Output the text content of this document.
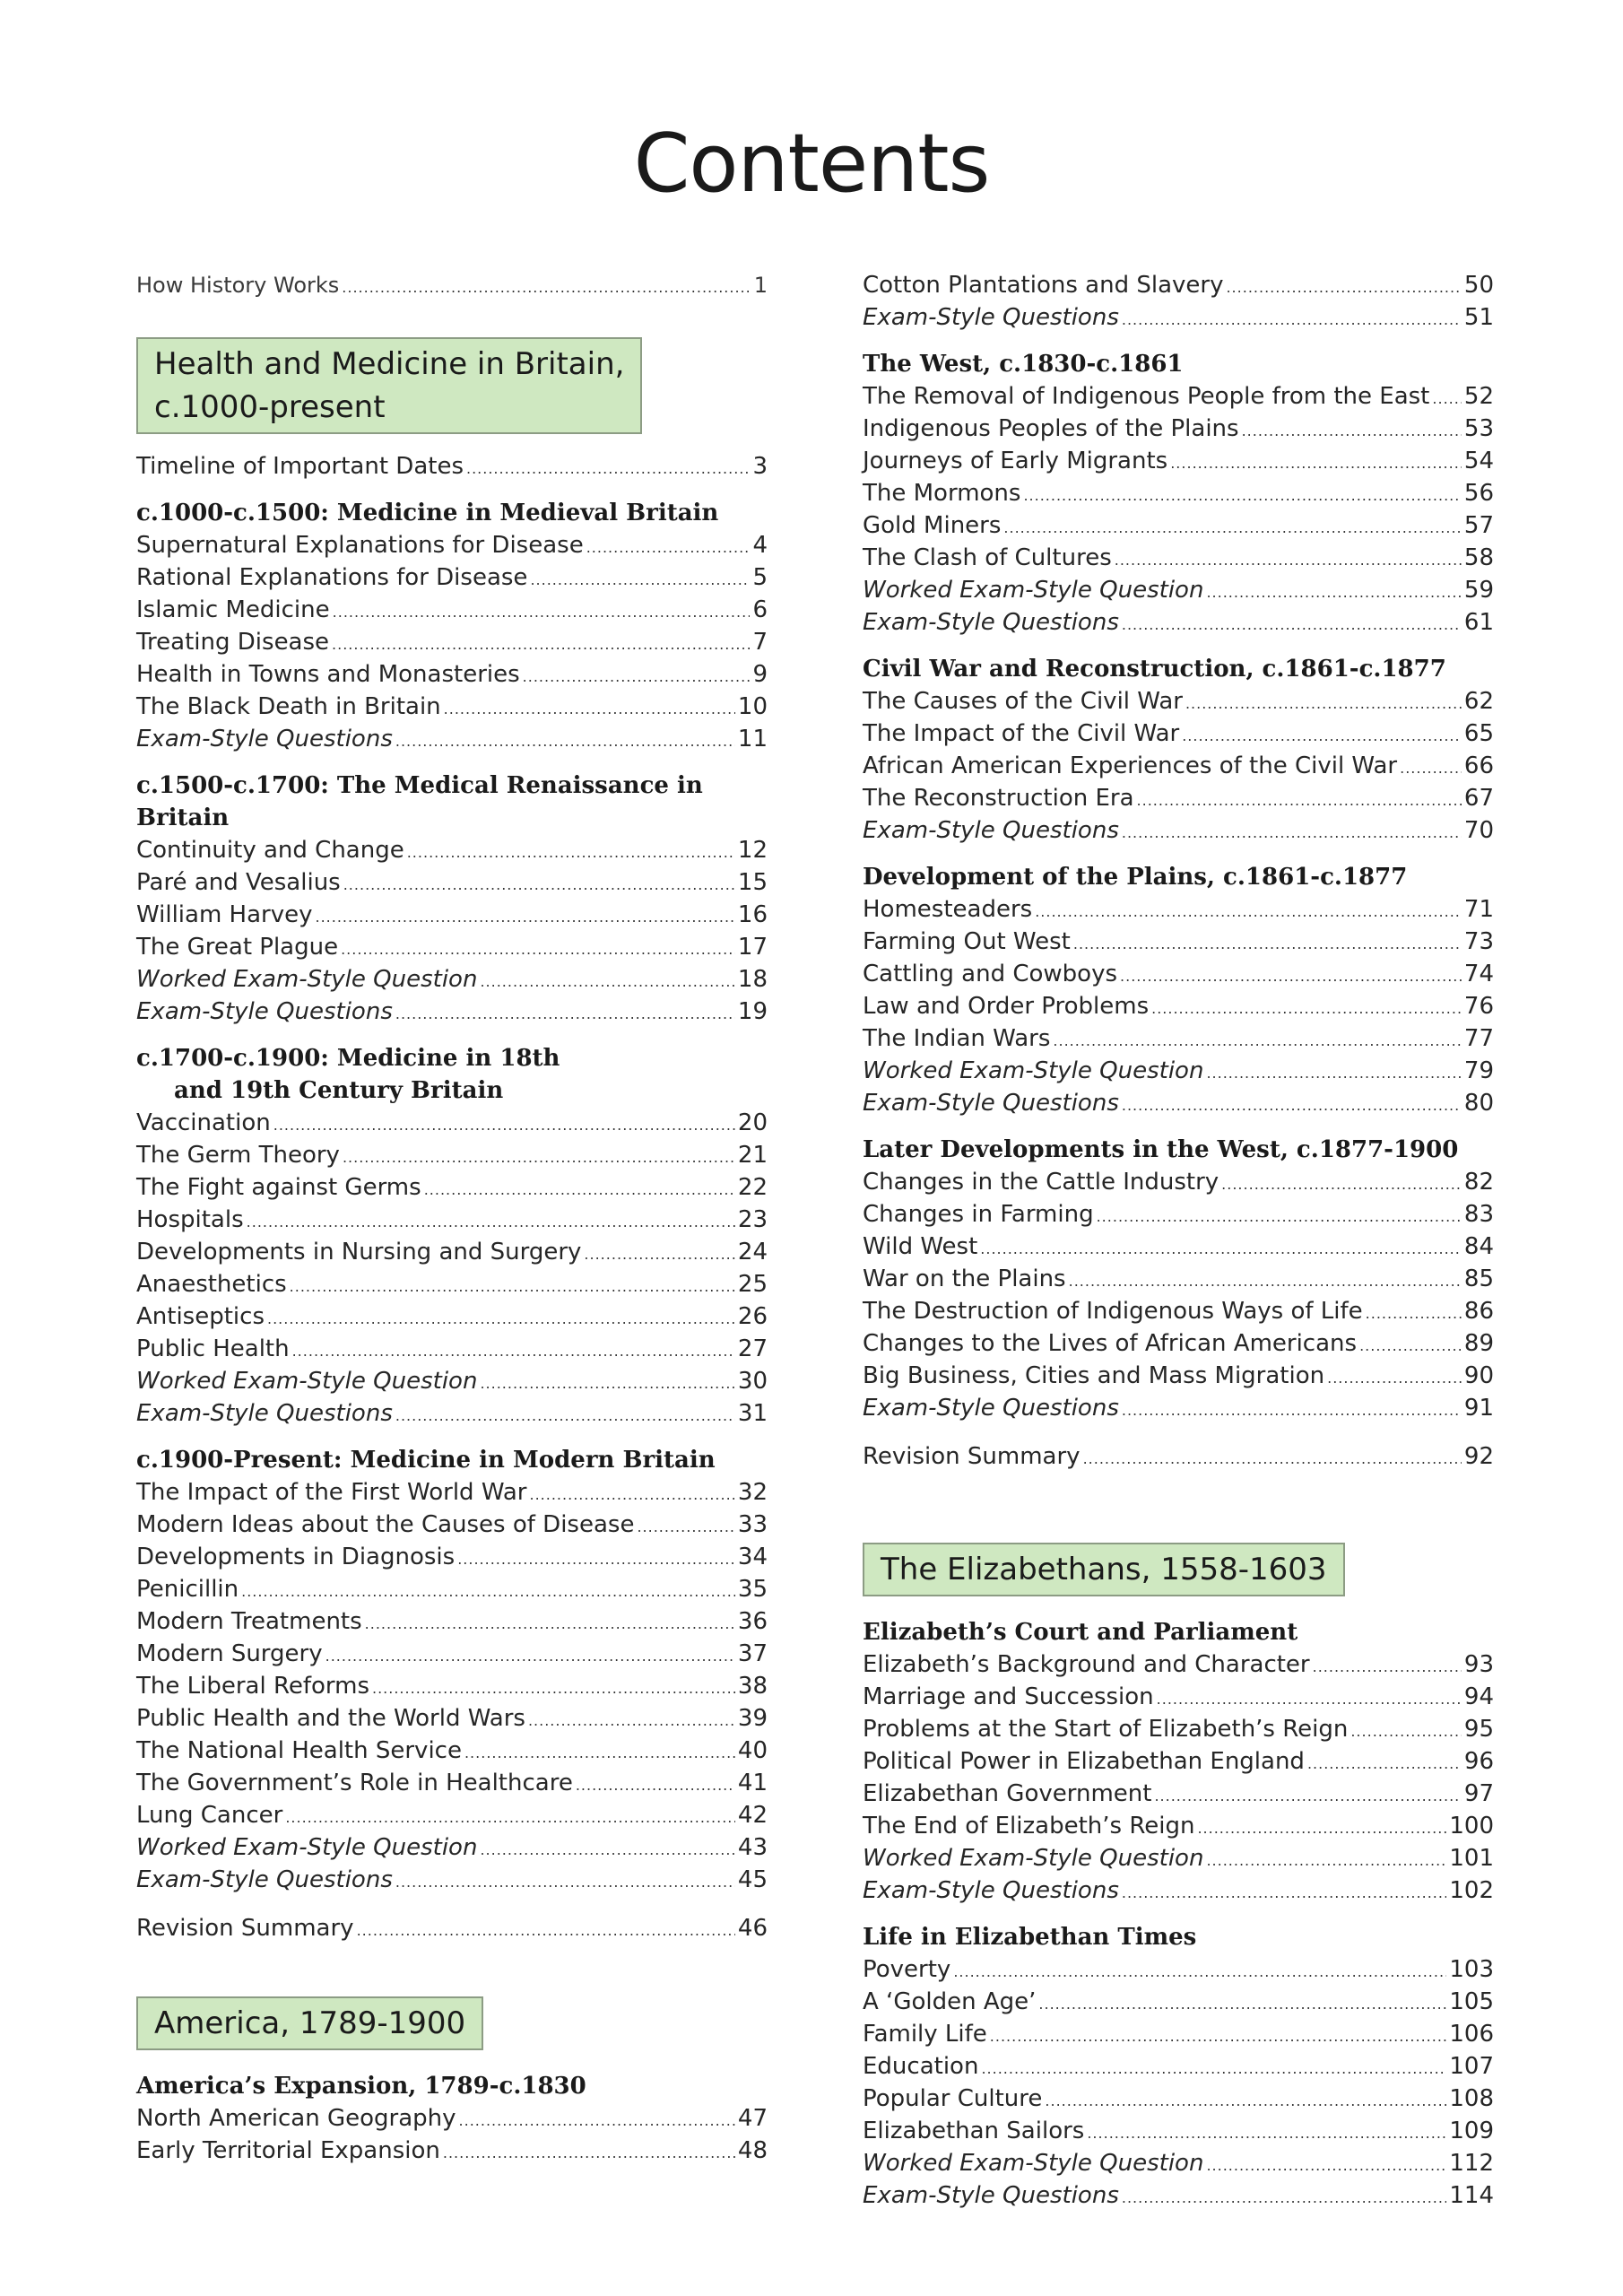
Contents
How History Works .....	1
Health and Medicine in Britain,
c.1000-present
Timeline of Important Dates .....	3
c.1000-c.1500: Medicine in Medieval Britain
Supernatural Explanations for Disease .....	4
Rational Explanations for Disease .....	5
Islamic Medicine .....	6
Treating Disease .....	7
Health in Towns and Monasteries .....	9
The Black Death in Britain .....	10
Exam-Style Questions .....	11
c.1500-c.1700: The Medical Renaissance in Britain
Continuity and Change .....	12
Paré and Vesalius .....	15
William Harvey .....	16
The Great Plague .....	17
Worked Exam-Style Question .....	18
Exam-Style Questions .....	19
c.1700-c.1900: Medicine in 18th
and 19th Century Britain
Vaccination .....	20
The Germ Theory .....	21
The Fight against Germs .....	22
Hospitals .....	23
Developments in Nursing and Surgery .....	24
Anaesthetics .....	25
Antiseptics .....	26
Public Health .....	27
Worked Exam-Style Question .....	30
Exam-Style Questions .....	31
c.1900-Present: Medicine in Modern Britain
The Impact of the First World War .....	32
Modern Ideas about the Causes of Disease .....	33
Developments in Diagnosis .....	34
Penicillin .....	35
Modern Treatments .....	36
Modern Surgery .....	37
The Liberal Reforms .....	38
Public Health and the World Wars .....	39
The National Health Service .....	40
The Government’s Role in Healthcare .....	41
Lung Cancer .....	42
Worked Exam-Style Question .....	43
Exam-Style Questions .....	45
Revision Summary .....	46
America, 1789-1900
America’s Expansion, 1789-c.1830
North American Geography .....	47
Early Territorial Expansion .....	48
Cotton Plantations and Slavery .....	50
Exam-Style Questions .....	51
The West, c.1830-c.1861
The Removal of Indigenous People from the East ..... 52
Indigenous Peoples of the Plains .....	53
Journeys of Early Migrants .....	54
The Mormons .....	56
Gold Miners .....	57
The Clash of Cultures .....	58
Worked Exam-Style Question .....	59
Exam-Style Questions .....	61
Civil War and Reconstruction, c.1861-c.1877
The Causes of the Civil War .....	62
The Impact of the Civil War .....	65
African American Experiences of the Civil War .....	66
The Reconstruction Era .....	67
Exam-Style Questions .....	70
Development of the Plains, c.1861-c.1877
Homesteaders .....	71
Farming Out West .....	73
Cattling and Cowboys .....	74
Law and Order Problems .....	76
The Indian Wars .....	77
Worked Exam-Style Question .....	79
Exam-Style Questions .....	80
Later Developments in the West, c.1877-1900
Changes in the Cattle Industry .....	82
Changes in Farming .....	83
Wild West .....	84
War on the Plains .....	85
The Destruction of Indigenous Ways of Life .....	86
Changes to the Lives of African Americans .....	89
Big Business, Cities and Mass Migration .....	90
Exam-Style Questions .....	91
Revision Summary .....	92
The Elizabethans, 1558-1603
Elizabeth’s Court and Parliament
Elizabeth’s Background and Character .....	93
Marriage and Succession .....	94
Problems at the Start of Elizabeth’s Reign .....	95
Political Power in Elizabethan England .....	96
Elizabethan Government .....	97
The End of Elizabeth’s Reign .....	100
Worked Exam-Style Question .....	101
Exam-Style Questions .....	102
Life in Elizabethan Times
Poverty .....	103
A ‘Golden Age’ .....	105
Family Life .....	106
Education .....	107
Popular Culture .....	108
Elizabethan Sailors .....	109
Worked Exam-Style Question .....	112
Exam-Style Questions .....	114
